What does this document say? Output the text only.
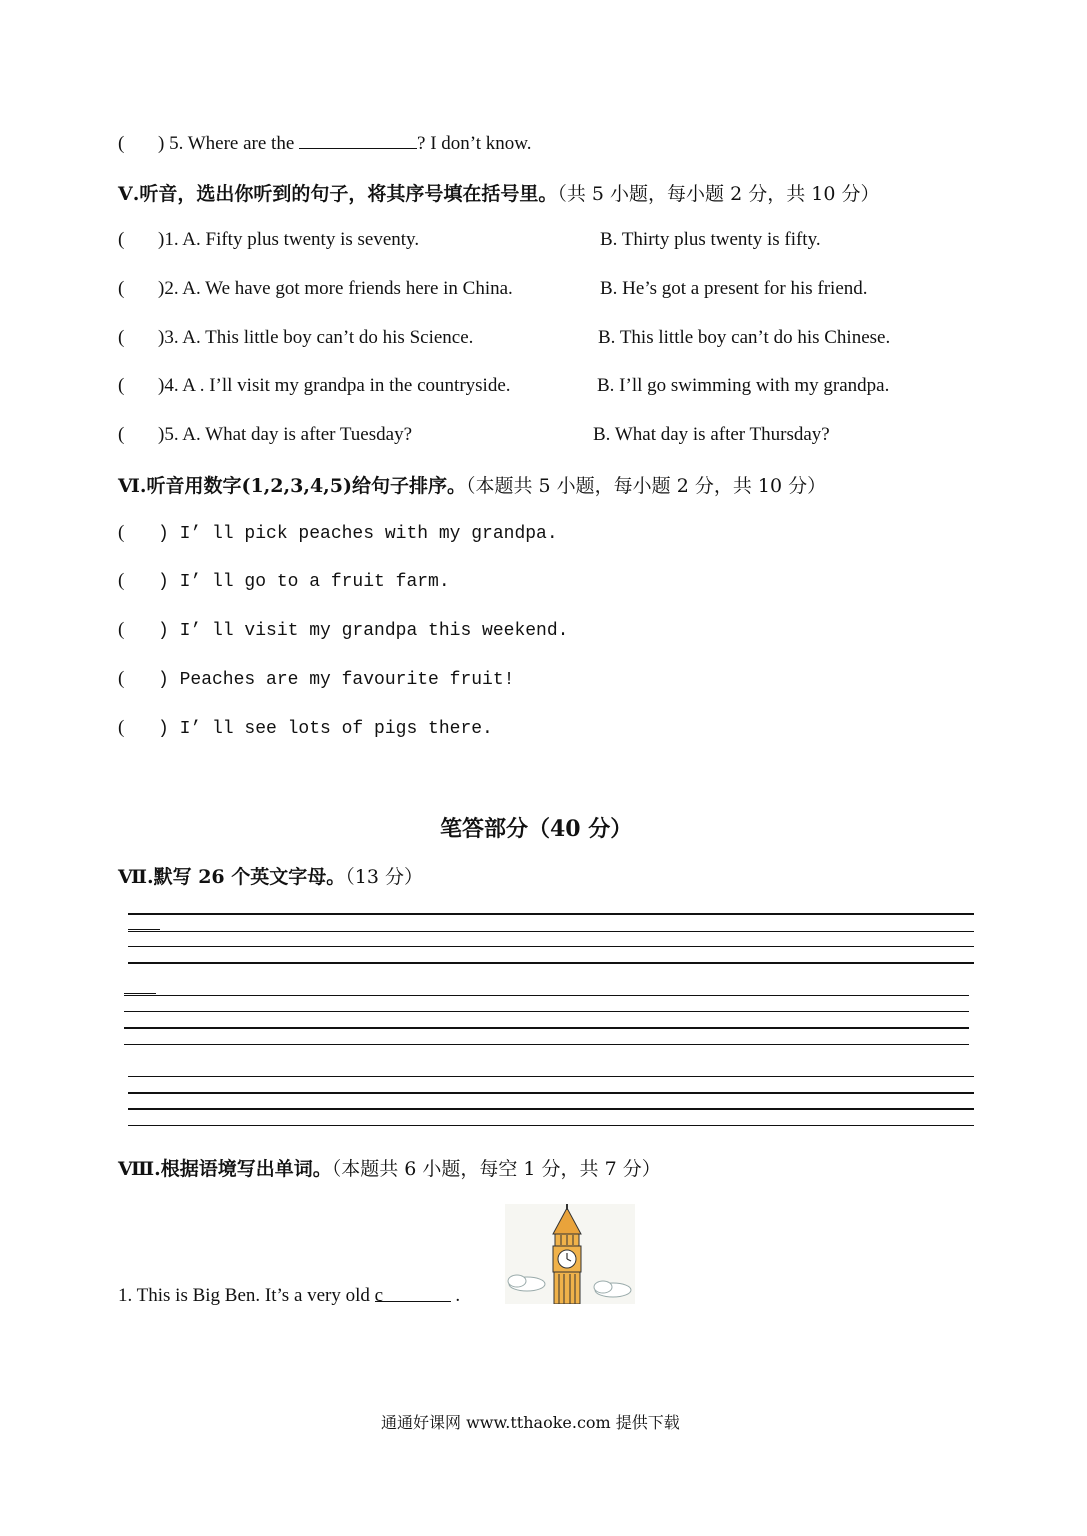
( ) 5. Where are the	? I don’t know.
Ⅴ.听音，选出你听到的句子，将其序号填在括号里。（共 5 小题，每小题 2 分，共 10 分）
( )1. A. Fifty plus twenty is seventy.	B. Thirty plus twenty is fifty.
( )2. A. We have got more friends here in China.	B. He’s got a present for his friend.
( )3. A. This little boy can’t do his Science.	B. This little boy can’t do his Chinese.
( )4. A . I’ll visit my grandpa in the countryside.	B. I’ll go swimming with my grandpa.
( )5. A. What day is after Tuesday?	B. What day is after Thursday?
Ⅵ.听音用数字(1,2,3,4,5)给句子排序。（本题共 5 小题，每小题 2 分，共 10 分）
( ) I’ ll pick peaches with my grandpa.
( ) I’ ll go to a fruit farm.
( ) I’ ll visit my grandpa this weekend.
( ) Peaches are my favourite fruit!
( ) I’ ll see lots of pigs there.
笔答部分（40 分）
Ⅶ.默写 26 个英文字母。（13 分）
Ⅷ.根据语境写出单词。（本题共 6 小题，每空 1 分，共 7 分）
1. This is Big Ben. It’s a very old c	.
通通好课网 www.tthaoke.com 提供下载
